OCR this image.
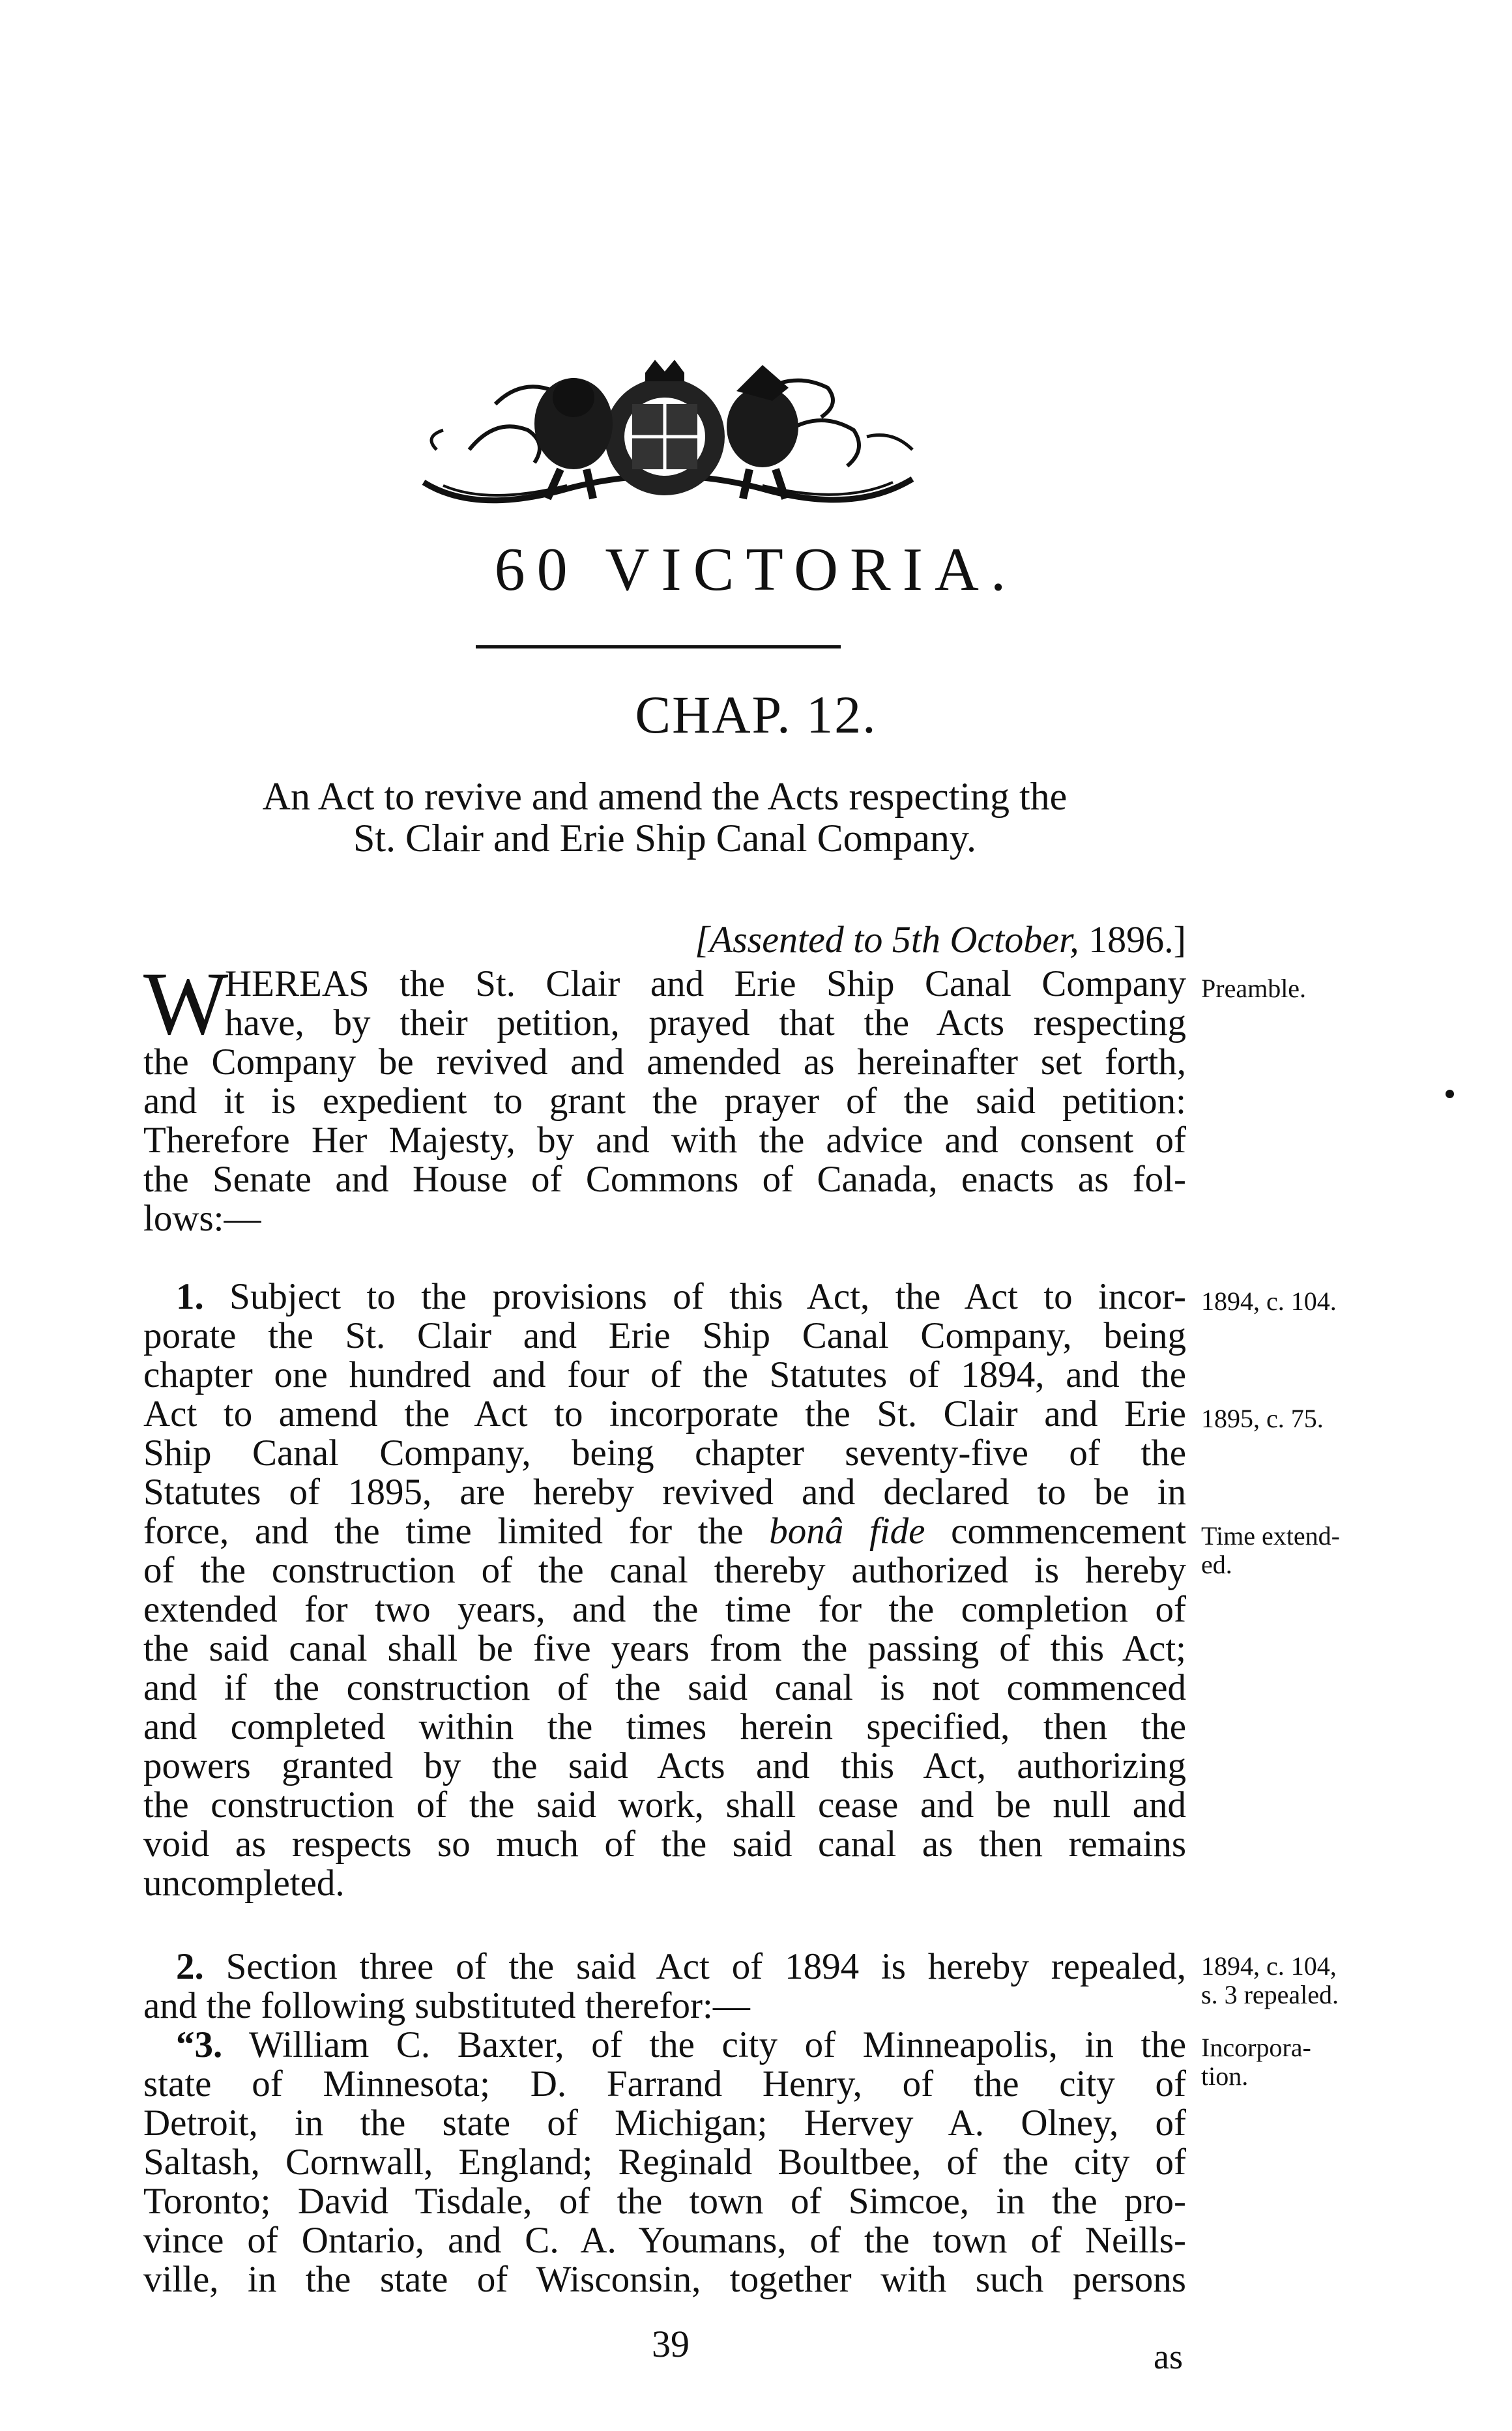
60 VICTORIA.
CHAP. 12.
An Act to revive and amend the Acts respecting the
St. Clair and Erie Ship Canal Company.
[Assented to 5th October, 1896.]
W
HEREAS the St. Clair and Erie Ship Canal Company
have, by their petition, prayed that the Acts respecting
the Company be revived and amended as hereinafter set forth,
and it is expedient to grant the prayer of the said petition:
Therefore Her Majesty, by and with the advice and consent of
the Senate and House of Commons of Canada, enacts as fol-
lows:—
Preamble.
1. Subject to the provisions of this Act, the Act to incor-
porate the St. Clair and Erie Ship Canal Company, being
chapter one hundred and four of the Statutes of 1894, and the
Act to amend the Act to incorporate the St. Clair and Erie
Ship Canal Company, being chapter seventy-five of the
Statutes of 1895, are hereby revived and declared to be in
force, and the time limited for the bonâ fide commencement
of the construction of the canal thereby authorized is hereby
extended for two years, and the time for the completion of
the said canal shall be five years from the passing of this Act;
and if the construction of the said canal is not commenced
and completed within the times herein specified, then the
powers granted by the said Acts and this Act, authorizing
the construction of the said work, shall cease and be null and
void as respects so much of the said canal as then remains
uncompleted.
1894, c. 104.
1895, c. 75.
Time extend-
ed.
2. Section three of the said Act of 1894 is hereby repealed,
and the following substituted therefor:—
1894, c. 104,
s. 3 repealed.
“3. William C. Baxter, of the city of Minneapolis, in the
state of Minnesota; D. Farrand Henry, of the city of
Detroit, in the state of Michigan; Hervey A. Olney, of
Saltash, Cornwall, England; Reginald Boultbee, of the city of
Toronto; David Tisdale, of the town of Simcoe, in the pro-
vince of Ontario, and C. A. Youmans, of the town of Neills-
ville, in the state of Wisconsin, together with such persons
Incorpora-
tion.
39	as
